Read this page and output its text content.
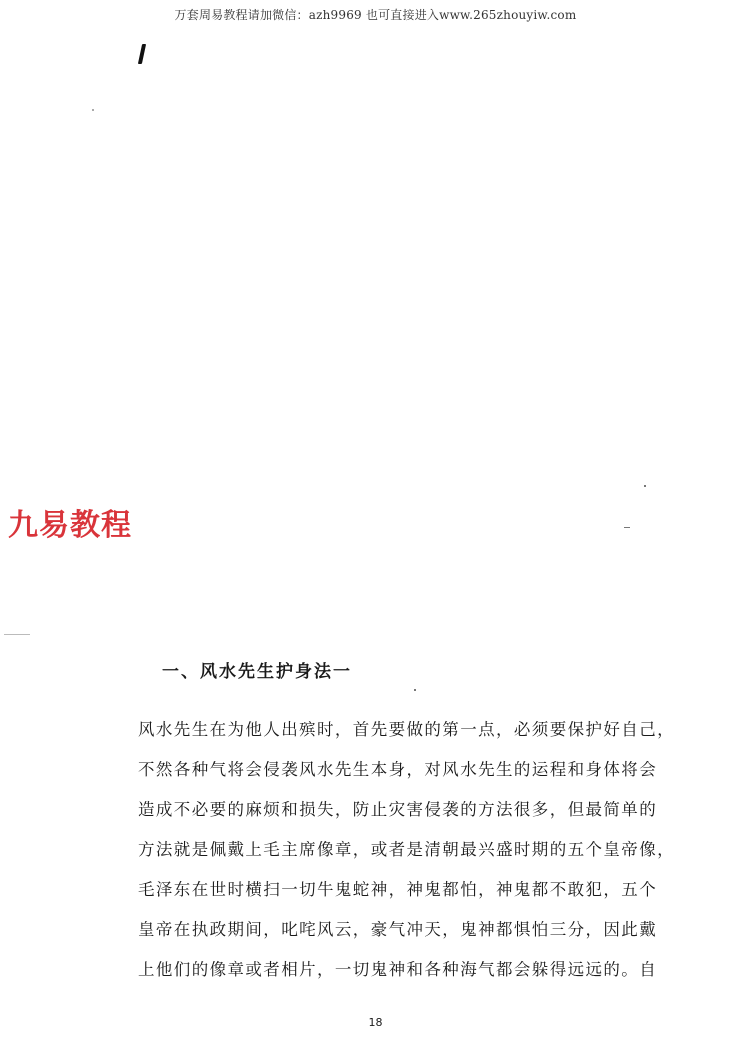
万套周易教程请加微信：azh9969 也可直接进入www.265zhouyiw.com
九易教程
一、风水先生护身法一
风水先生在为他人出殡时，首先要做的第一点，必须要保护好自己，
不然各种气将会侵袭风水先生本身，对风水先生的运程和身体将会
造成不必要的麻烦和损失，防止灾害侵袭的方法很多，但最简单的
方法就是佩戴上毛主席像章，或者是清朝最兴盛时期的五个皇帝像，
毛泽东在世时横扫一切牛鬼蛇神，神鬼都怕，神鬼都不敢犯，五个
皇帝在执政期间，叱咤风云，豪气冲天，鬼神都惧怕三分，因此戴
上他们的像章或者相片，一切鬼神和各种海气都会躲得远远的。自
18
